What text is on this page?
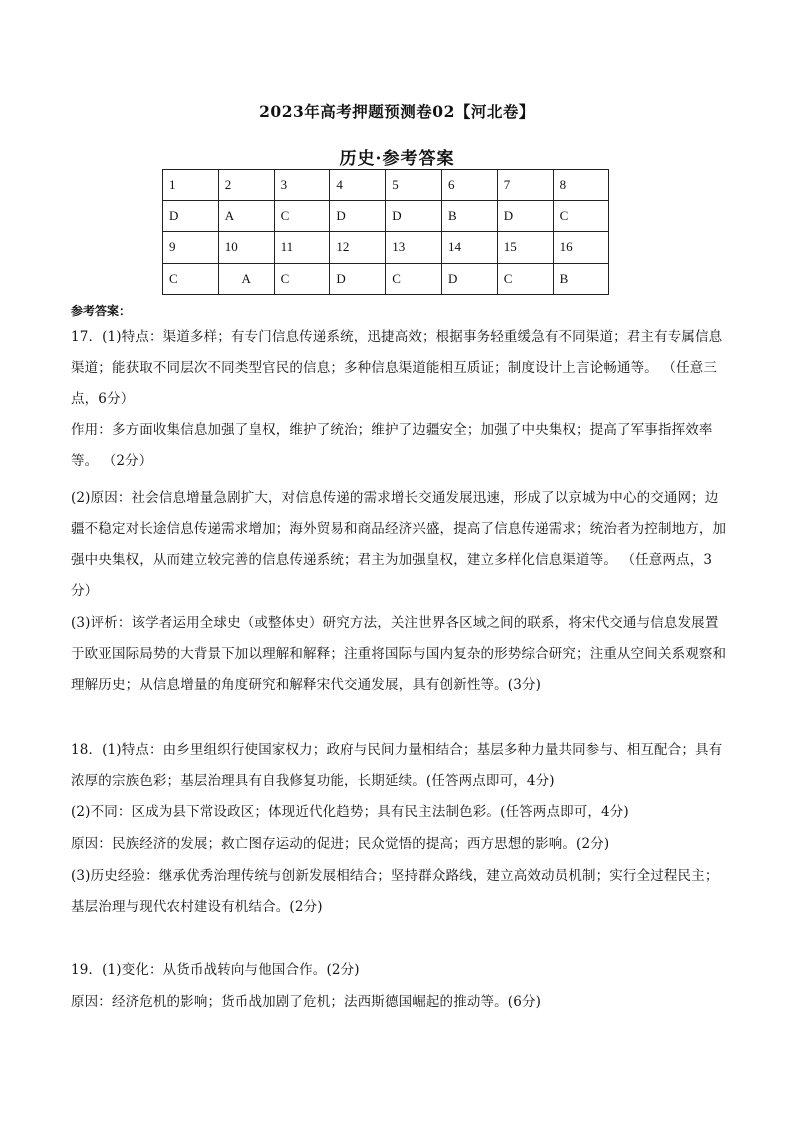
2023年高考押题预测卷02【河北卷】
历史·参考答案
1	2	3	4	5	6	7	8
D	A	C	D	D	B	D	C
9	10	11	12	13	14	15	16
C	A	C	D	C	D	C	B
参考答案：
17．(1)特点：渠道多样；有专门信息传递系统，迅捷高效；根据事务轻重缓急有不同渠道；君主有专属信息渠道；能获取不同层次不同类型官民的信息；多种信息渠道能相互质证；制度设计上言论畅通等。 （任意三点，6分）
作用：多方面收集信息加强了皇权，维护了统治；维护了边疆安全；加强了中央集权；提高了军事指挥效率等。 （2分）
(2)原因：社会信息增量急剧扩大，对信息传递的需求增长交通发展迅速，形成了以京城为中心的交通网；边疆不稳定对长途信息传递需求增加；海外贸易和商品经济兴盛，提高了信息传递需求；统治者为控制地方，加强中央集权，从而建立较完善的信息传递系统；君主为加强皇权，建立多样化信息渠道等。 （任意两点，3分）
(3)评析：该学者运用全球史（或整体史）研究方法，关注世界各区域之间的联系，将宋代交通与信息发展置于欧亚国际局势的大背景下加以理解和解释；注重将国际与国内复杂的形势综合研究；注重从空间关系观察和理解历史；从信息增量的角度研究和解释宋代交通发展，具有创新性等。(3分)
18．(1)特点：由乡里组织行使国家权力；政府与民间力量相结合；基层多种力量共同参与、相互配合；具有浓厚的宗族色彩；基层治理具有自我修复功能，长期延续。(任答两点即可，4分)
(2)不同：区成为县下常设政区；体现近代化趋势；具有民主法制色彩。(任答两点即可，4分)
原因：民族经济的发展；救亡图存运动的促进；民众觉悟的提高；西方思想的影响。(2分)
(3)历史经验：继承优秀治理传统与创新发展相结合；坚持群众路线，建立高效动员机制；实行全过程民主；基层治理与现代农村建设有机结合。(2分)
19．(1)变化：从货币战转向与他国合作。(2分)
原因：经济危机的影响；货币战加剧了危机；法西斯德国崛起的推动等。(6分)
